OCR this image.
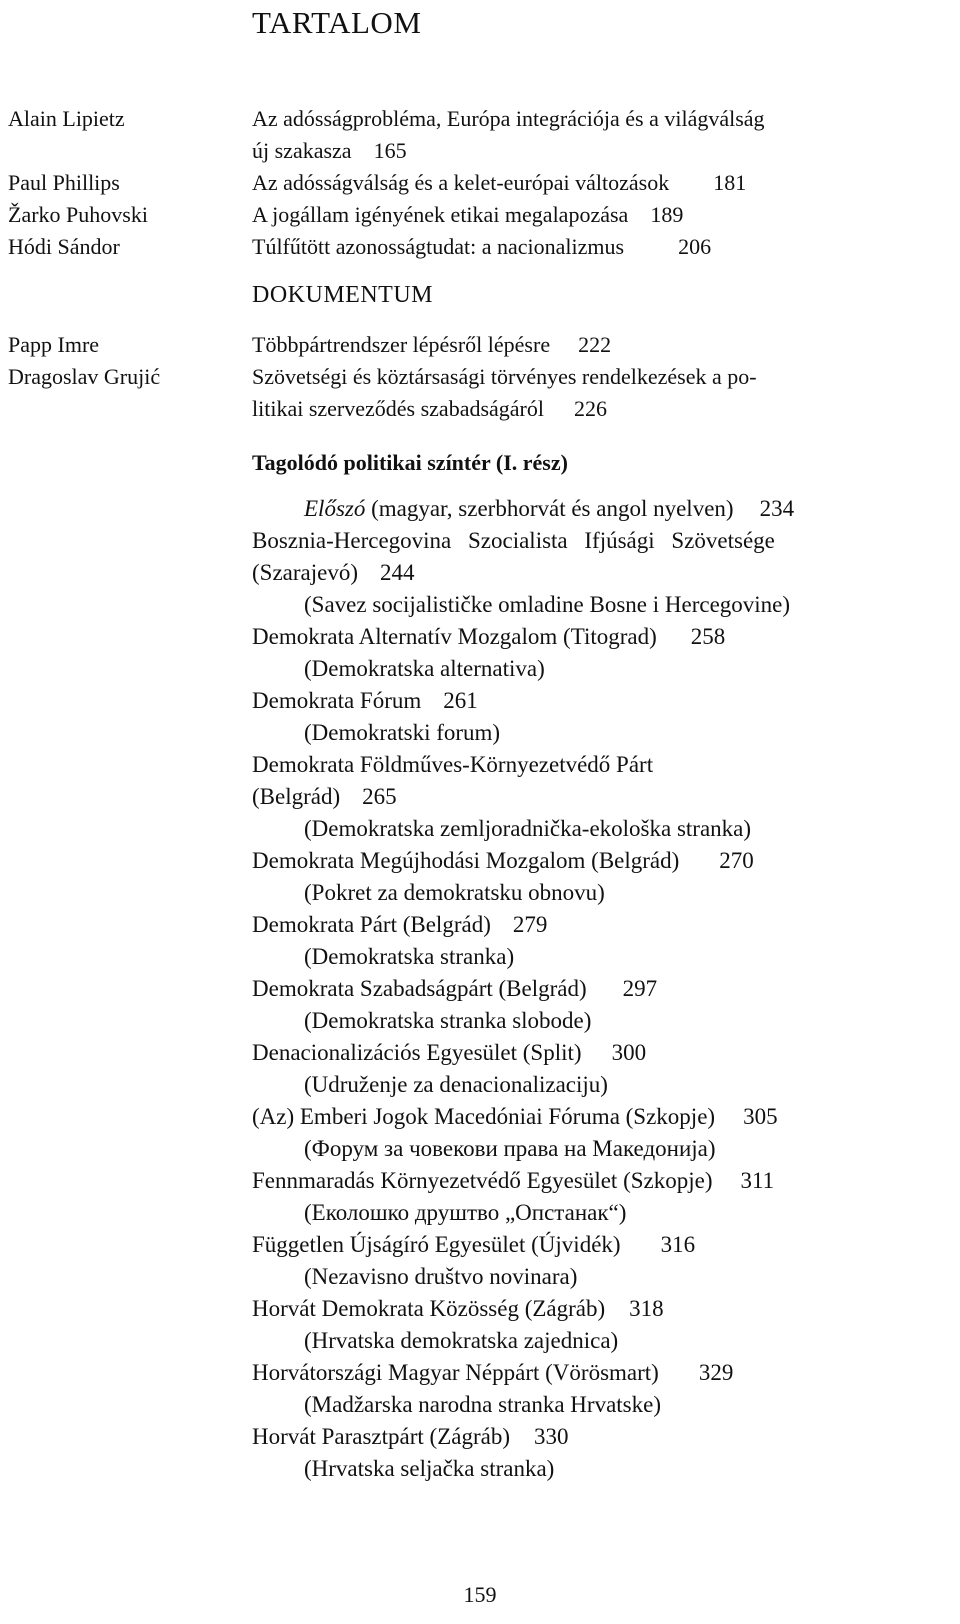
TARTALOM
Alain Lipietz	Az adósságprobléma, Európa integrációja és a világválság
új szakasza 165
Paul Phillips	Az adósságválság és a kelet-európai változások 181
Žarko Puhovski	A jogállam igényének etikai megalapozása 189
Hódi Sándor	Túlfűtött azonosságtudat: a nacionalizmus 206
DOKUMENTUM
Papp Imre	Többpártrendszer lépésről lépésre 222
Dragoslav Grujić	Szövetségi és köztársasági törvényes rendelkezések a po-
litikai szerveződés szabadságáról 226
Tagolódó politikai színtér (I. rész)
Előszó (magyar, szerbhorvát és angol nyelven) 234
Bosznia-Hercegovina Szocialista Ifjúsági Szövetsége
(Szarajevó) 244
(Savez socijalističke omladine Bosne i Hercegovine)
Demokrata Alternatív Mozgalom (Titograd) 258
(Demokratska alternativa)
Demokrata Fórum 261
(Demokratski forum)
Demokrata Földműves-Környezetvédő Párt
(Belgrád) 265
(Demokratska zemljoradnička-ekološka stranka)
Demokrata Megújhodási Mozgalom (Belgrád) 270
(Pokret za demokratsku obnovu)
Demokrata Párt (Belgrád) 279
(Demokratska stranka)
Demokrata Szabadságpárt (Belgrád) 297
(Demokratska stranka slobode)
Denacionalizációs Egyesület (Split) 300
(Udruženje za denacionalizaciju)
(Az) Emberi Jogok Macedóniai Fóruma (Szkopje) 305
(Форум за човекови права на Македонија)
Fennmaradás Környezetvédő Egyesület (Szkopje) 311
(Еколошко друштво „Опстанак“)
Független Újságíró Egyesület (Újvidék) 316
(Nezavisno društvo novinara)
Horvát Demokrata Közösség (Zágráb) 318
(Hrvatska demokratska zajednica)
Horvátországi Magyar Néppárt (Vörösmart) 329
(Madžarska narodna stranka Hrvatske)
Horvát Parasztpárt (Zágráb) 330
(Hrvatska seljačka stranka)
159
